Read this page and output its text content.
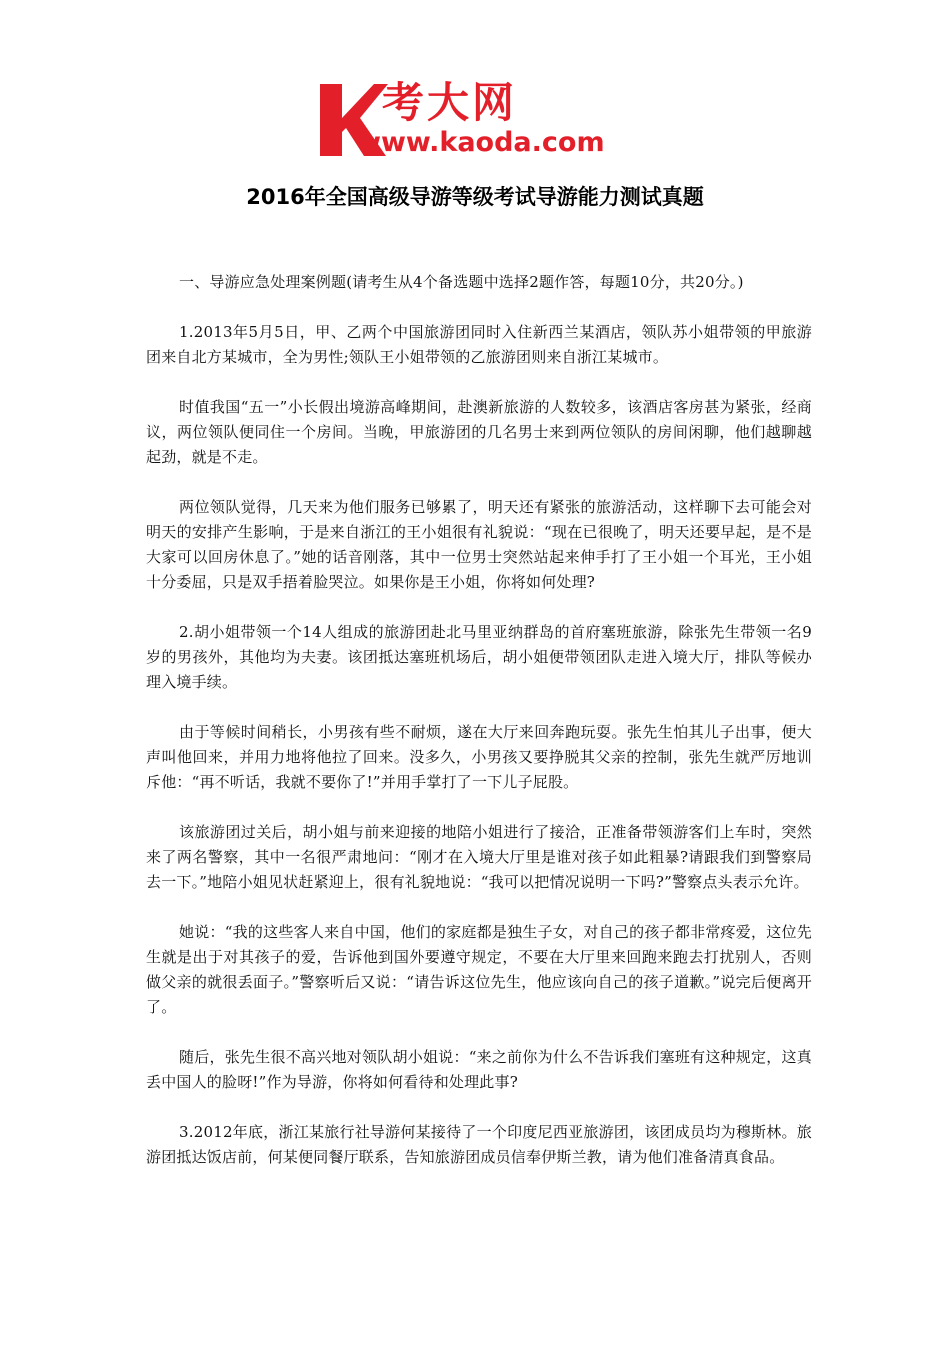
考大网
www.kaoda.com
2016年全国高级导游等级考试导游能力测试真题

一、导游应急处理案例题(请考生从4个备选题中选择2题作答，每题10分，共20分。)

1.2013年5月5日，甲、乙两个中国旅游团同时入住新西兰某酒店，领队苏小姐带领的甲旅游团来自北方某城市，全为男性;领队王小姐带领的乙旅游团则来自浙江某城市。

时值我国“五一”小长假出境游高峰期间，赴澳新旅游的人数较多，该酒店客房甚为紧张，经商议，两位领队便同住一个房间。当晚，甲旅游团的几名男士来到两位领队的房间闲聊，他们越聊越起劲，就是不走。

两位领队觉得，几天来为他们服务已够累了，明天还有紧张的旅游活动，这样聊下去可能会对明天的安排产生影响，于是来自浙江的王小姐很有礼貌说：“现在已很晚了，明天还要早起，是不是大家可以回房休息了。”她的话音刚落，其中一位男士突然站起来伸手打了王小姐一个耳光，王小姐十分委屈，只是双手捂着脸哭泣。如果你是王小姐，你将如何处理?

2.胡小姐带领一个14人组成的旅游团赴北马里亚纳群岛的首府塞班旅游，除张先生带领一名9岁的男孩外，其他均为夫妻。该团抵达塞班机场后，胡小姐便带领团队走进入境大厅，排队等候办理入境手续。

由于等候时间稍长，小男孩有些不耐烦，遂在大厅来回奔跑玩耍。张先生怕其儿子出事，便大声叫他回来，并用力地将他拉了回来。没多久，小男孩又要挣脱其父亲的控制，张先生就严厉地训斥他：“再不听话，我就不要你了!”并用手掌打了一下儿子屁股。

该旅游团过关后，胡小姐与前来迎接的地陪小姐进行了接洽，正准备带领游客们上车时，突然来了两名警察，其中一名很严肃地问：“刚才在入境大厅里是谁对孩子如此粗暴?请跟我们到警察局去一下。”地陪小姐见状赶紧迎上，很有礼貌地说：“我可以把情况说明一下吗?”警察点头表示允许。

她说：“我的这些客人来自中国，他们的家庭都是独生子女，对自己的孩子都非常疼爱，这位先生就是出于对其孩子的爱，告诉他到国外要遵守规定，不要在大厅里来回跑来跑去打扰别人，否则做父亲的就很丢面子。”警察听后又说：“请告诉这位先生，他应该向自己的孩子道歉。”说完后便离开了。

随后，张先生很不高兴地对领队胡小姐说：“来之前你为什么不告诉我们塞班有这种规定，这真丢中国人的脸呀!”作为导游，你将如何看待和处理此事?

3.2012年底，浙江某旅行社导游何某接待了一个印度尼西亚旅游团，该团成员均为穆斯林。旅游团抵达饭店前，何某便同餐厅联系，告知旅游团成员信奉伊斯兰教，请为他们准备清真食品。
